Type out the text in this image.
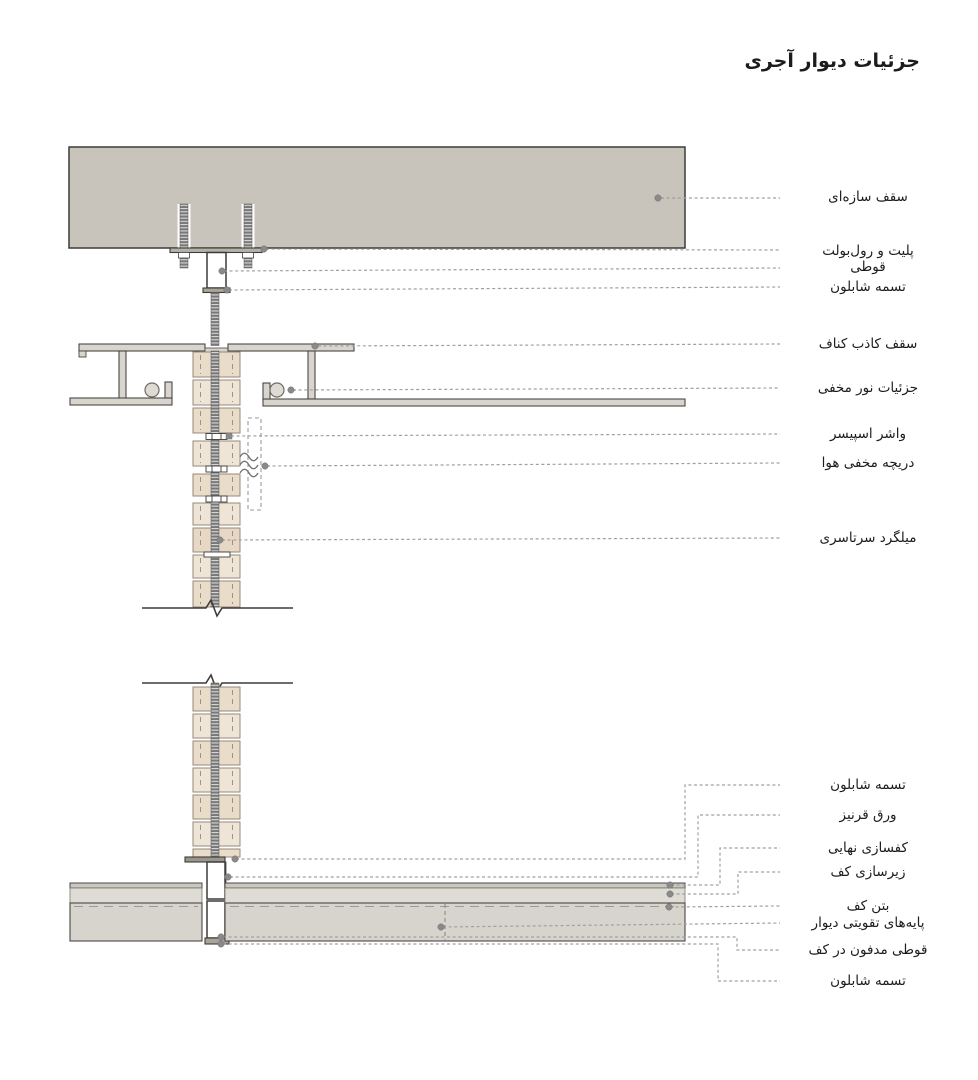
جزئیات دیوار آجری
سقف سازه‌ای
پلیت و رول‌بولت
قوطی
تسمه شابلون
سقف کاذب کناف
جزئیات نور مخفی
واشر اسپیسر
دریچه مخفی هوا
میلگرد سرتاسری
تسمه شابلون
ورق قرنیز
کفسازی نهایی
زیرسازی کف
بتن کف
پایه‌های تقویتی دیوار
قوطی مدفون در کف
تسمه شابلون
